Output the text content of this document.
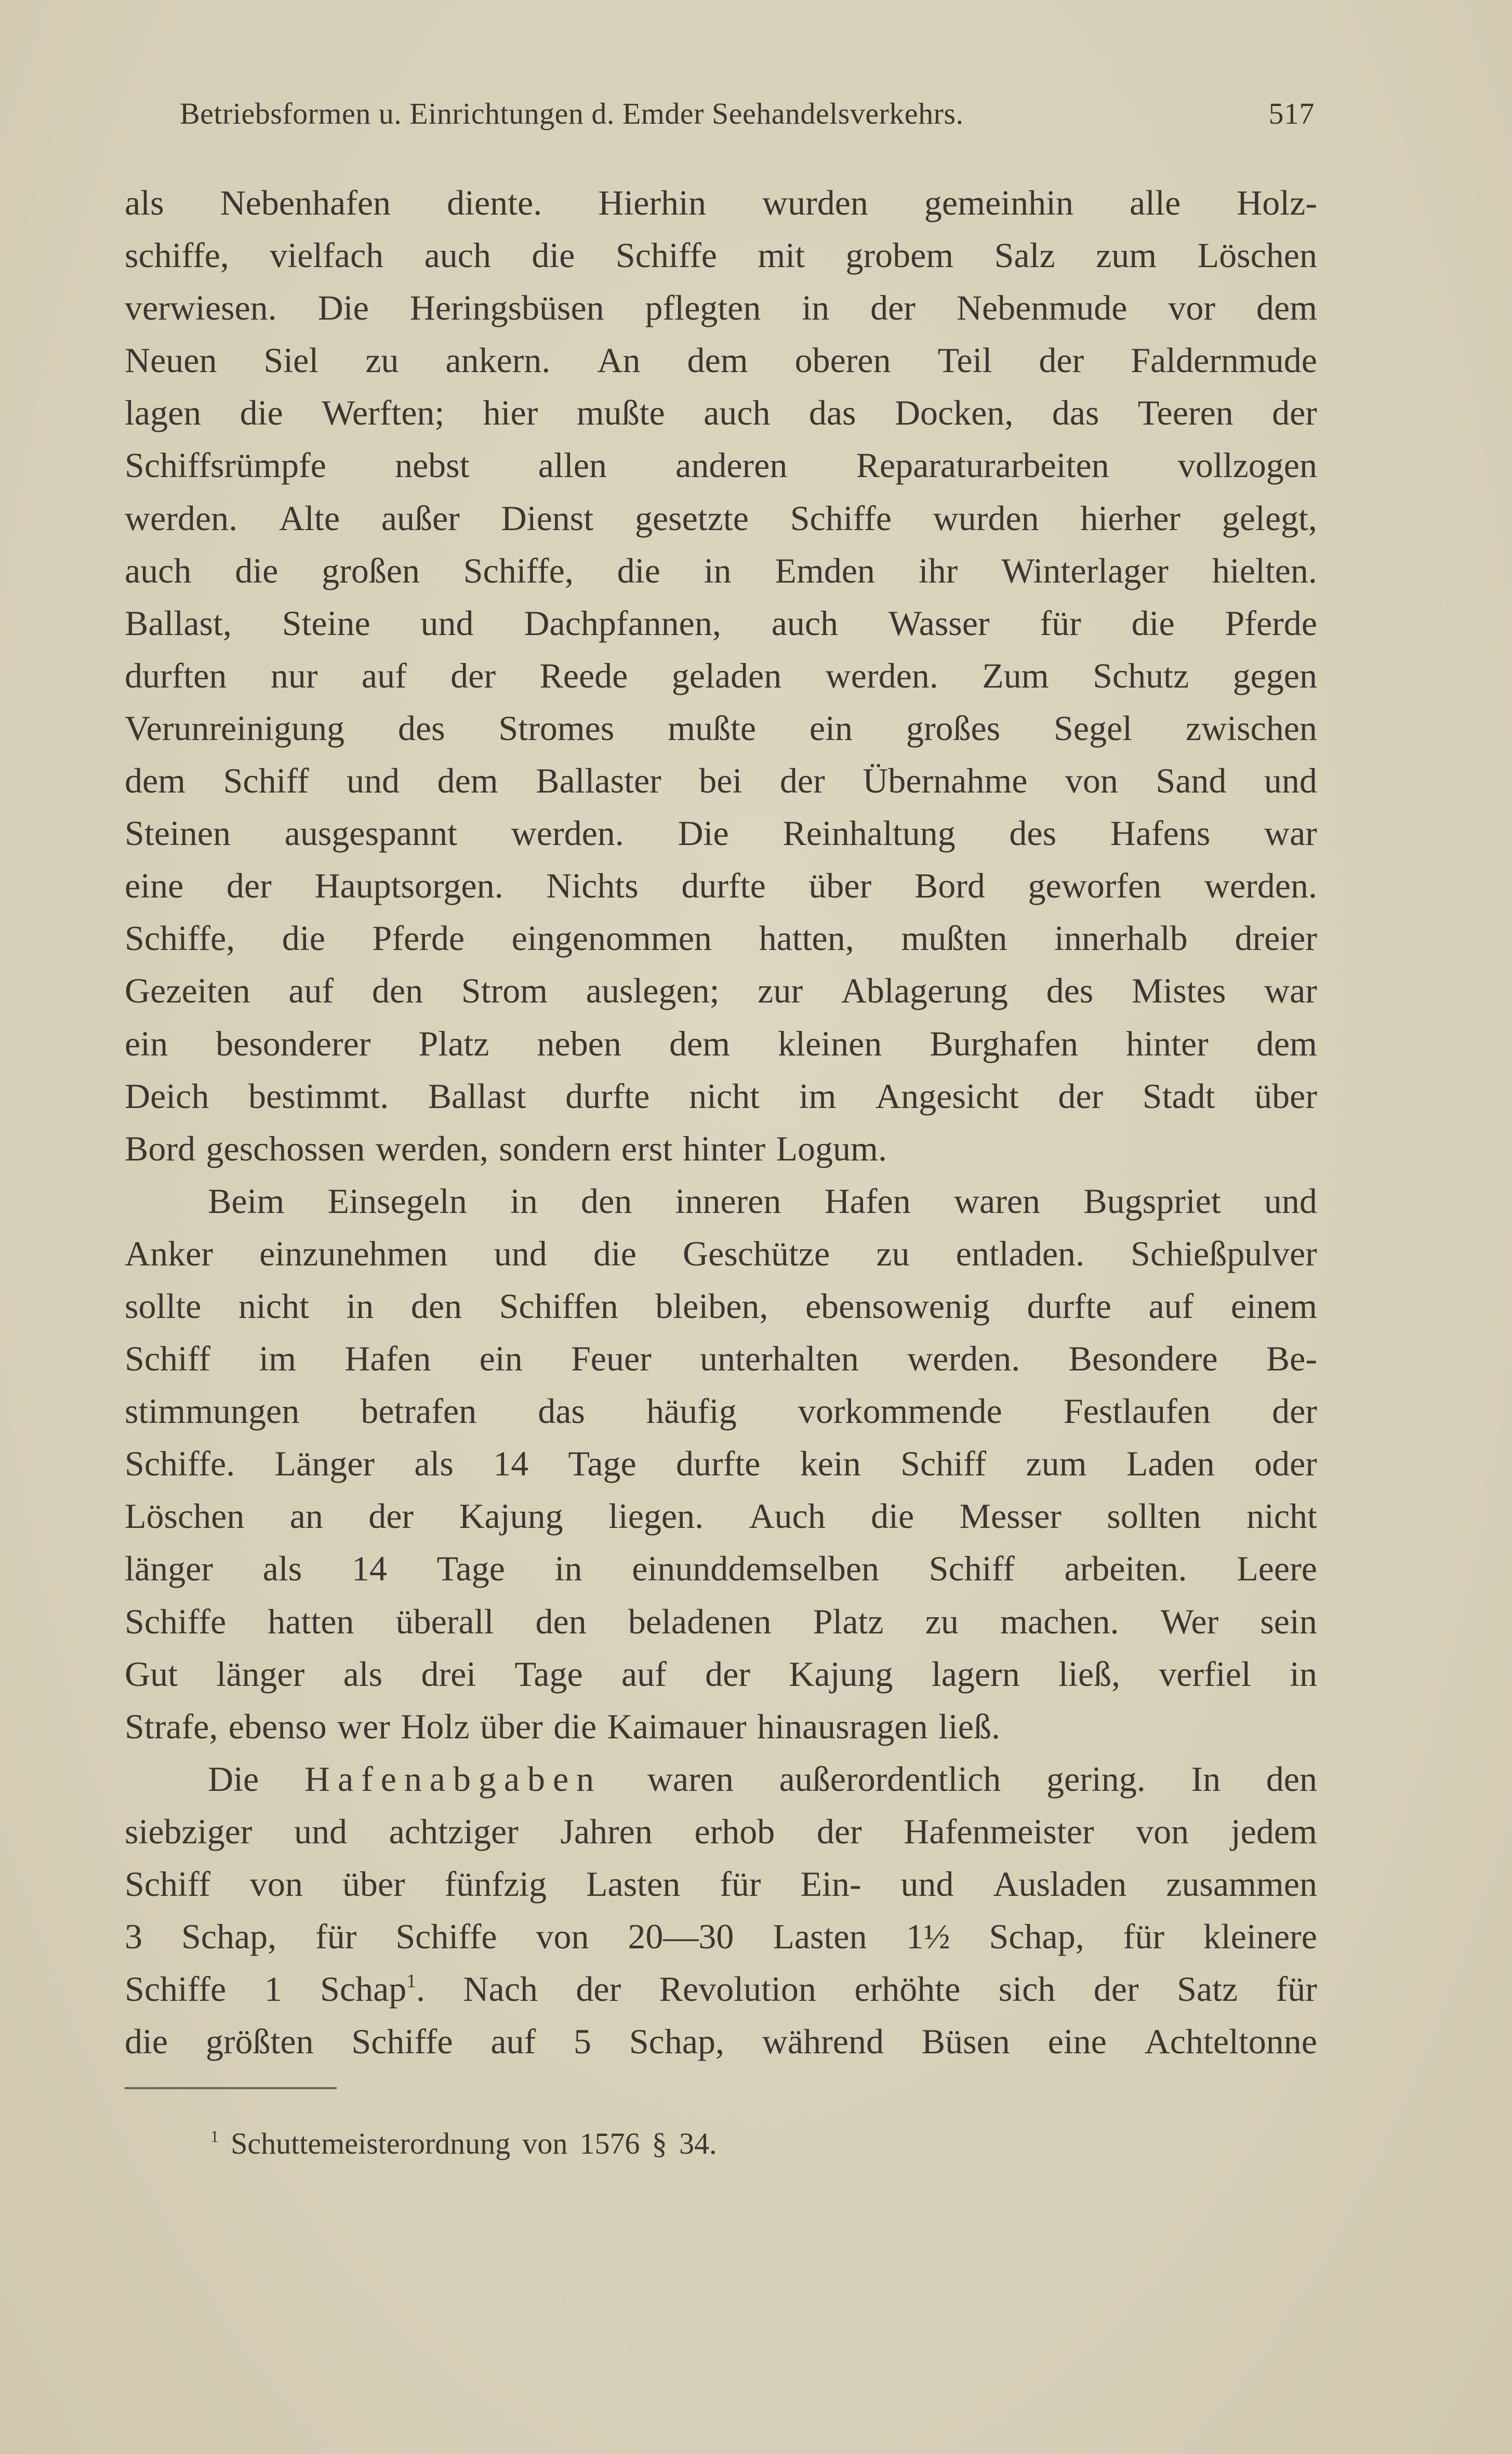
Betriebsformen u. Einrichtungen d. Emder Seehandelsverkehrs.	517
als Nebenhafen diente. Hierhin wurden gemeinhin alle Holz-
schiffe, vielfach auch die Schiffe mit grobem Salz zum Löschen
verwiesen. Die Heringsbüsen pflegten in der Nebenmude vor dem
Neuen Siel zu ankern. An dem oberen Teil der Faldernmude
lagen die Werften; hier mußte auch das Docken, das Teeren der
Schiffsrümpfe nebst allen anderen Reparaturarbeiten vollzogen
werden. Alte außer Dienst gesetzte Schiffe wurden hierher gelegt,
auch die großen Schiffe, die in Emden ihr Winterlager hielten.
Ballast, Steine und Dachpfannen, auch Wasser für die Pferde
durften nur auf der Reede geladen werden. Zum Schutz gegen
Verunreinigung des Stromes mußte ein großes Segel zwischen
dem Schiff und dem Ballaster bei der Übernahme von Sand und
Steinen ausgespannt werden. Die Reinhaltung des Hafens war
eine der Hauptsorgen. Nichts durfte über Bord geworfen werden.
Schiffe, die Pferde eingenommen hatten, mußten innerhalb dreier
Gezeiten auf den Strom auslegen; zur Ablagerung des Mistes war
ein besonderer Platz neben dem kleinen Burghafen hinter dem
Deich bestimmt. Ballast durfte nicht im Angesicht der Stadt über
Bord geschossen werden, sondern erst hinter Logum.
Beim Einsegeln in den inneren Hafen waren Bugspriet und
Anker einzunehmen und die Geschütze zu entladen. Schießpulver
sollte nicht in den Schiffen bleiben, ebensowenig durfte auf einem
Schiff im Hafen ein Feuer unterhalten werden. Besondere Be-
stimmungen betrafen das häufig vorkommende Festlaufen der
Schiffe. Länger als 14 Tage durfte kein Schiff zum Laden oder
Löschen an der Kajung liegen. Auch die Messer sollten nicht
länger als 14 Tage in einunddemselben Schiff arbeiten. Leere
Schiffe hatten überall den beladenen Platz zu machen. Wer sein
Gut länger als drei Tage auf der Kajung lagern ließ, verfiel in
Strafe, ebenso wer Holz über die Kaimauer hinausragen ließ.
Die Hafenabgaben waren außerordentlich gering. In den
siebziger und achtziger Jahren erhob der Hafenmeister von jedem
Schiff von über fünfzig Lasten für Ein- und Ausladen zusammen
3 Schap, für Schiffe von 20—30 Lasten 1½ Schap, für kleinere
Schiffe 1 Schap$^1$. Nach der Revolution erhöhte sich der Satz für
die größten Schiffe auf 5 Schap, während Büsen eine Achteltonne
$^1$ Schuttemeisterordnung von 1576 § 34.
